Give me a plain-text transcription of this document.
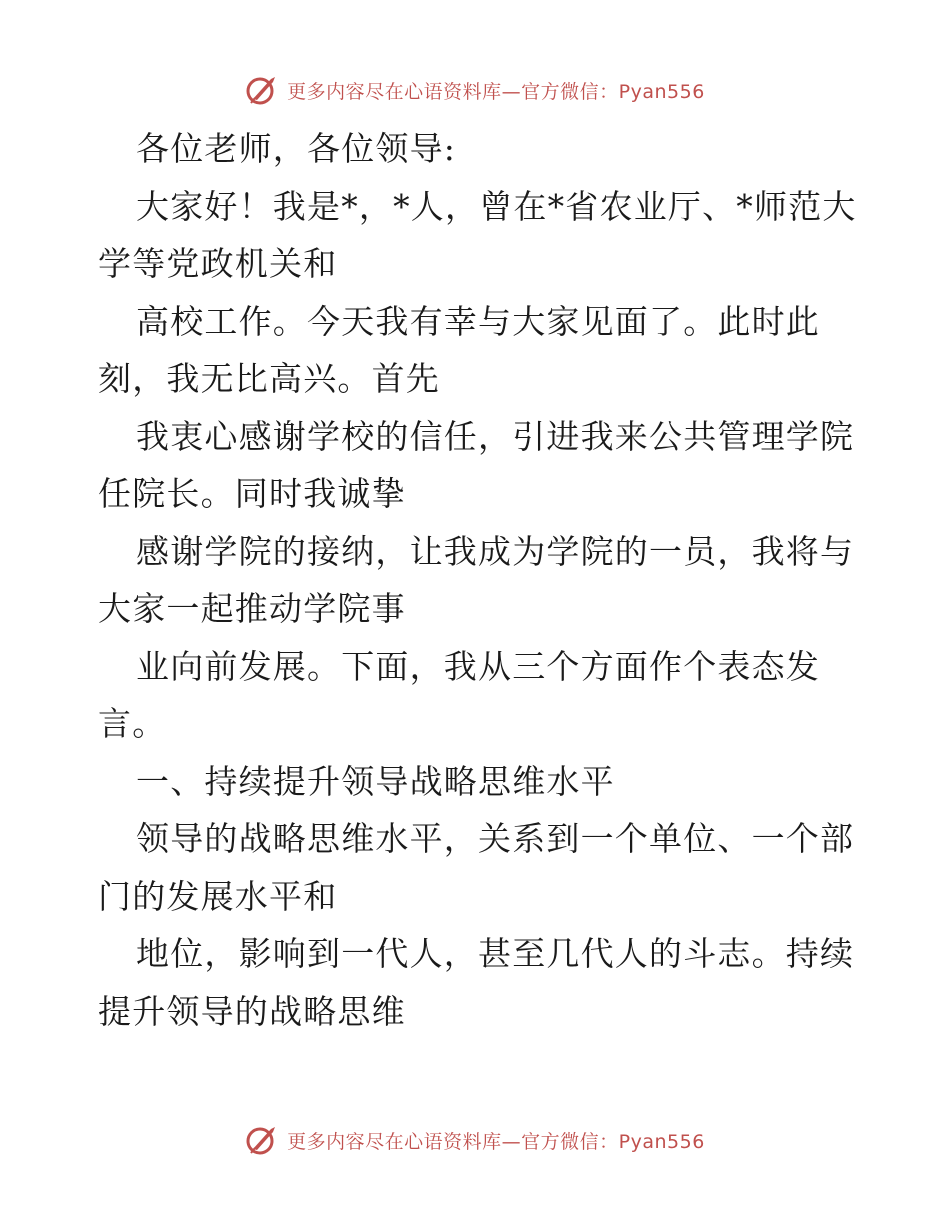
更多内容尽在心语资料库—官方微信：Pyan556
各位老师，各位领导:
大家好！我是*，*人，曾在*省农业厅、*师范大
学等党政机关和
高校工作。今天我有幸与大家见面了。此时此
刻，我无比高兴。首先
我衷心感谢学校的信任，引进我来公共管理学院
任院长。同时我诚挚
感谢学院的接纳，让我成为学院的一员，我将与
大家一起推动学院事
业向前发展。下面，我从三个方面作个表态发
言。
一、持续提升领导战略思维水平
领导的战略思维水平，关系到一个单位、一个部
门的发展水平和
地位，影响到一代人，甚至几代人的斗志。持续
提升领导的战略思维
更多内容尽在心语资料库—官方微信：Pyan556
